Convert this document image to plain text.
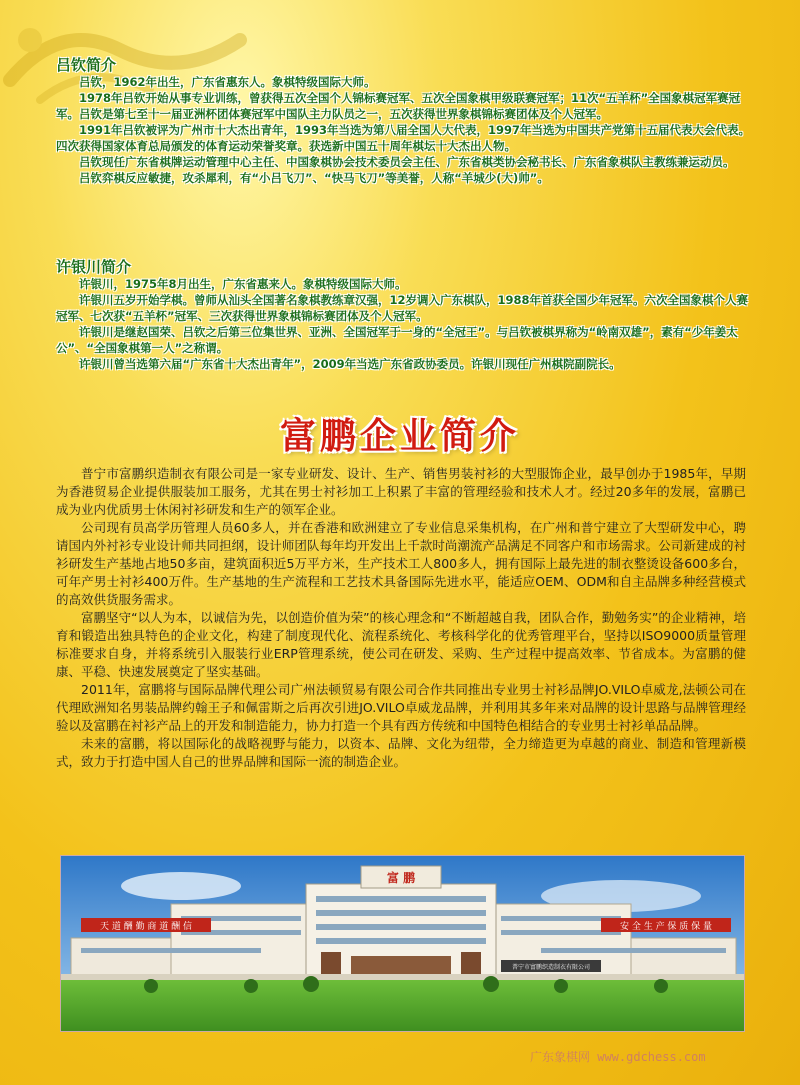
吕钦简介

吕钦，1962年出生，广东省惠东人。象棋特级国际大师。

1978年吕钦开始从事专业训练，曾获得五次全国个人锦标赛冠军、五次全国象棋甲级联赛冠军；11次“五羊杯”全国象棋冠军赛冠军。吕钦是第七至十一届亚洲杯团体赛冠军中国队主力队员之一，五次获得世界象棋锦标赛团体及个人冠军。

1991年吕钦被评为广州市十大杰出青年，1993年当选为第八届全国人大代表，1997年当选为中国共产党第十五届代表大会代表。四次获得国家体育总局颁发的体育运动荣誉奖章。获选新中国五十周年棋坛十大杰出人物。

吕钦现任广东省棋牌运动管理中心主任、中国象棋协会技术委员会主任、广东省棋类协会秘书长、广东省象棋队主教练兼运动员。

吕钦弈棋反应敏捷，攻杀犀利，有“小吕飞刀”、“快马飞刀”等美誉，人称“羊城少(大)帅”。

许银川简介

许银川，1975年8月出生，广东省惠来人。象棋特级国际大师。

许银川五岁开始学棋。曾师从汕头全国著名象棋教练章汉强，12岁调入广东棋队，1988年首获全国少年冠军。六次全国象棋个人赛冠军、七次获“五羊杯”冠军、三次获得世界象棋锦标赛团体及个人冠军。

许银川是继赵国荣、吕钦之后第三位集世界、亚洲、全国冠军于一身的“全冠王”。与吕钦被棋界称为“岭南双雄”，素有“少年姜太公”、“全国象棋第一人”之称谓。

许银川曾当选第六届“广东省十大杰出青年”，2009年当选广东省政协委员。许银川现任广州棋院副院长。

富鹏企业简介

普宁市富鹏织造制衣有限公司是一家专业研发、设计、生产、销售男装衬衫的大型服饰企业，最早创办于1985年，早期为香港贸易企业提供服装加工服务，尤其在男士衬衫加工上积累了丰富的管理经验和技术人才。经过20多年的发展，富鹏已成为业内优质男士休闲衬衫研发和生产的领军企业。

公司现有员高学历管理人员60多人，并在香港和欧洲建立了专业信息采集机构，在广州和普宁建立了大型研发中心，聘请国内外衬衫专业设计师共同担纲，设计师团队每年均开发出上千款时尚潮流产品满足不同客户和市场需求。公司新建成的衬衫研发生产基地占地50多亩，建筑面积近5万平方米，生产技术工人800多人，拥有国际上最先进的制衣整烫设备600多台，可年产男士衬衫400万件。生产基地的生产流程和工艺技术具备国际先进水平，能适应OEM、ODM和自主品牌多种经营模式的高效供货服务需求。

富鹏坚守“以人为本，以诚信为先，以创造价值为荣”的核心理念和“不断超越自我，团队合作，勤勉务实”的企业精神，培育和锻造出独具特色的企业文化，构建了制度现代化、流程系统化、考核科学化的优秀管理平台，坚持以ISO9000质量管理标准要求自身，并将系统引入服装行业ERP管理系统，使公司在研发、采购、生产过程中提高效率、节省成本。为富鹏的健康、平稳、快速发展奠定了坚实基础。

2011年，富鹏将与国际品牌代理公司广州法顿贸易有限公司合作共同推出专业男士衬衫品牌JO.VILO卓威龙,法顿公司在代理欧洲知名男装品牌约翰王子和佩雷斯之后再次引进JO.VILO卓威龙品牌，并利用其多年来对品牌的设计思路与品牌管理经验以及富鹏在衬衫产品上的开发和制造能力，协力打造一个具有西方传统和中国特色相结合的专业男士衬衫单品品牌。

未来的富鹏，将以国际化的战略视野与能力，以资本、品牌、文化为纽带，全力缔造更为卓越的商业、制造和管理新模式，致力于打造中国人自己的世界品牌和国际一流的制造企业。

富 鹏
天 道 酬 勤 商 道 酬 信	安 全 生 产 保 质 保 量
普宁市富鹏织造制衣有限公司
广东象棋网 www.gdchess.com
